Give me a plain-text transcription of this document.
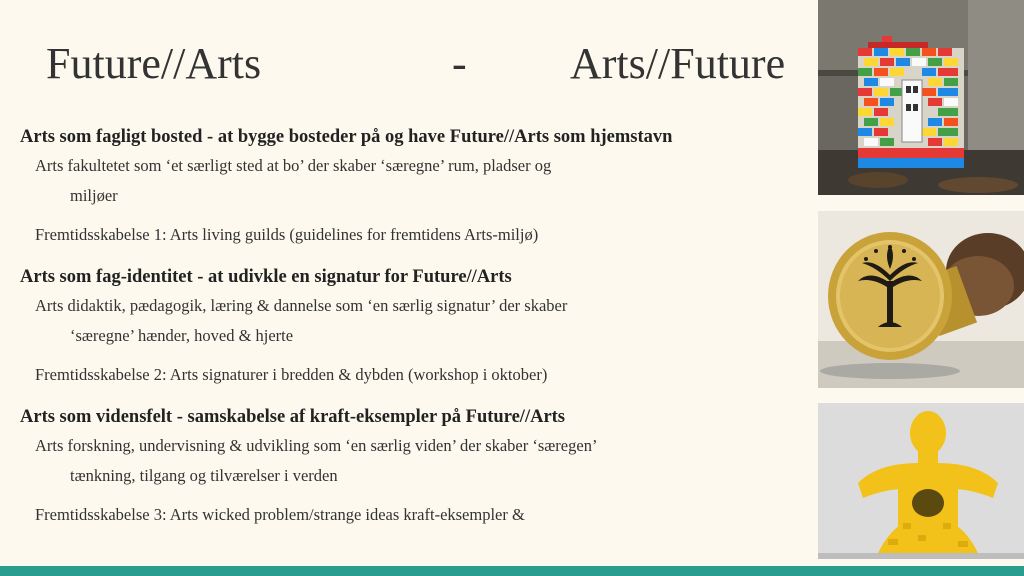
Future//Arts	- Arts//Future
Arts som fagligt bosted - at bygge bosteder på og have Future//Arts som hjemstavn
Arts fakultetet som ‘et særligt sted at bo’ der skaber ‘særegne’ rum, pladser og
miljøer
Fremtidsskabelse 1: Arts living guilds (guidelines for fremtidens Arts-miljø)
Arts som fag-identitet - at udivkle en signatur for Future//Arts
Arts didaktik, pædagogik, læring & dannelse som ‘en særlig signatur’ der skaber
‘særegne’ hænder, hoved & hjerte
Fremtidsskabelse 2: Arts signaturer i bredden & dybden (workshop i oktober)
Arts som vidensfelt - samskabelse af kraft-eksempler på Future//Arts
Arts forskning, undervisning & udvikling som ‘en særlig viden’ der skaber ‘særegen’
tænkning, tilgang og tilværelser i verden
Fremtidsskabelse 3: Arts wicked problem/strange ideas kraft-eksempler &
